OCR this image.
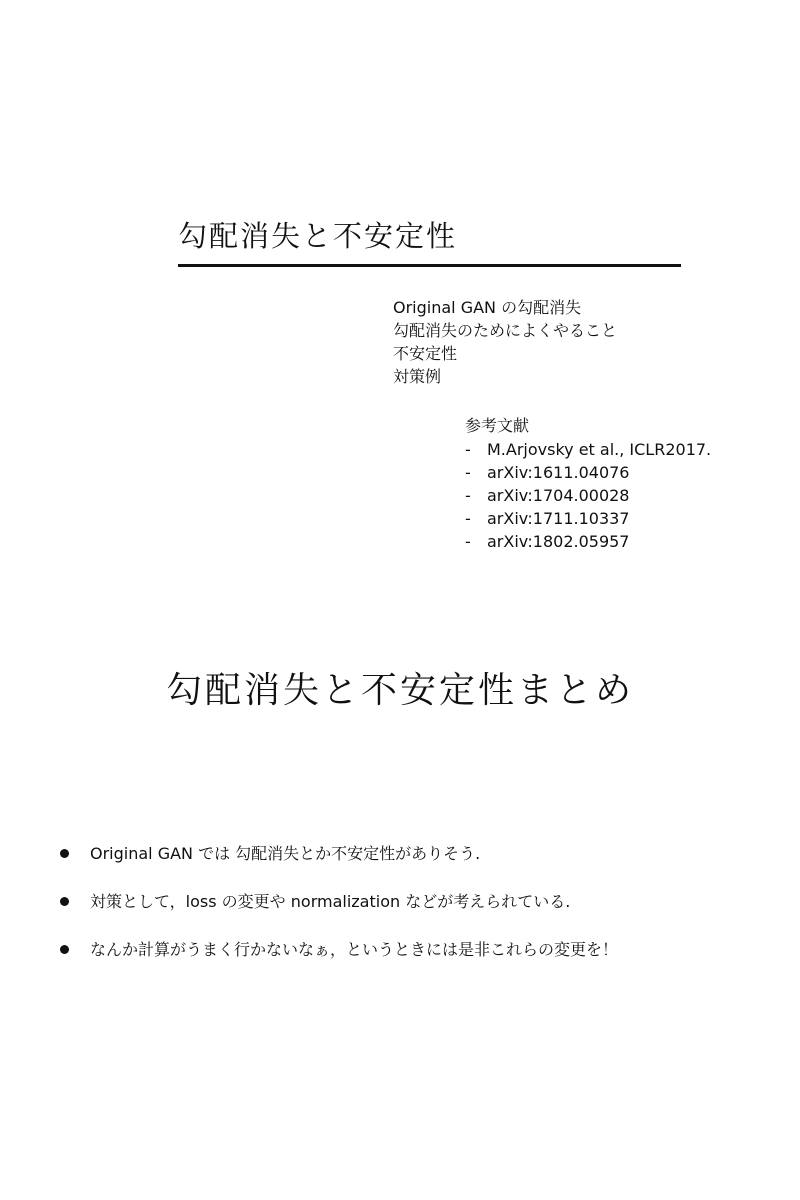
勾配消失と不安定性
Original GAN の勾配消失
勾配消失のためによくやること
不安定性
対策例
参考文献
-	M.Arjovsky et al., ICLR2017.
-	arXiv:1611.04076
-	arXiv:1704.00028
-	arXiv:1711.10337
-	arXiv:1802.05957
勾配消失と不安定性まとめ
Original GAN では 勾配消失とか不安定性がありそう.
対策として，loss の変更や normalization などが考えられている.
なんか計算がうまく行かないなぁ，というときには是非これらの変更を！
